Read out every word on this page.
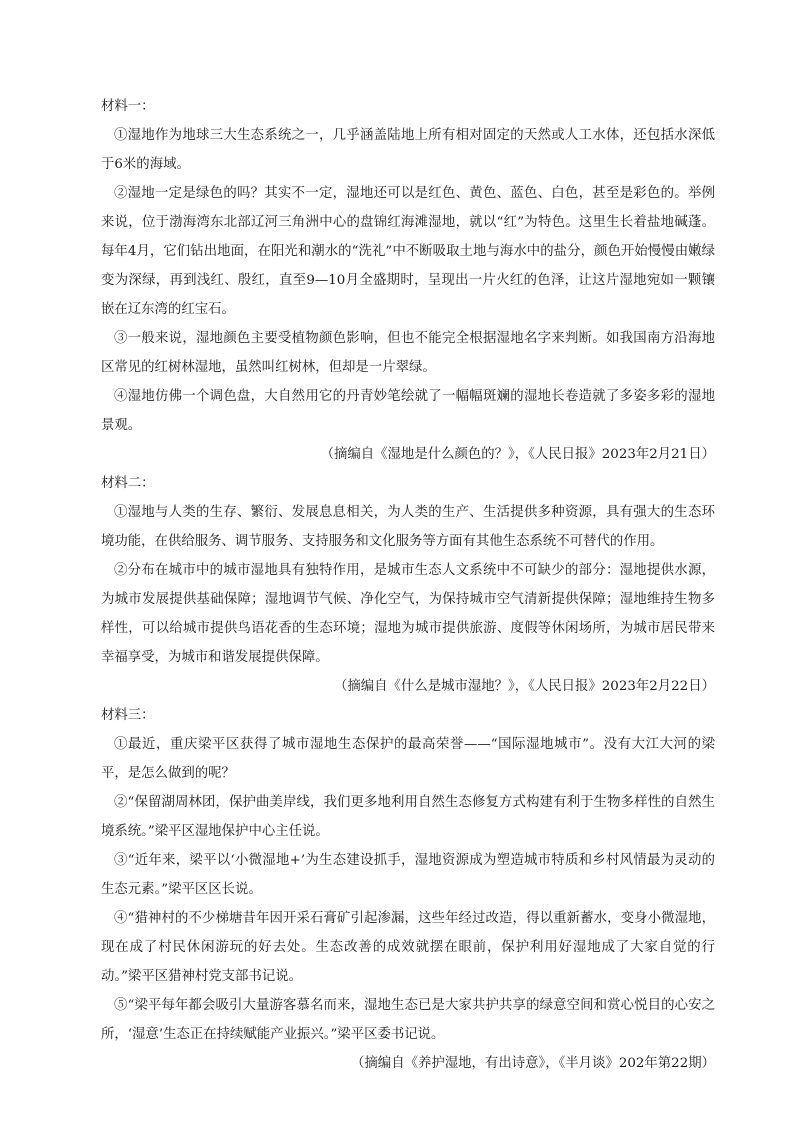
材料一：

①湿地作为地球三大生态系统之一，几乎涵盖陆地上所有相对固定的天然或人工水体，还包括水深低于6米的海域。

②湿地一定是绿色的吗？其实不一定，湿地还可以是红色、黄色、蓝色、白色，甚至是彩色的。举例来说，位于渤海湾东北部辽河三角洲中心的盘锦红海滩湿地，就以“红”为特色。这里生长着盐地碱蓬。每年4月，它们钻出地面，在阳光和潮水的“洗礼”中不断吸取土地与海水中的盐分，颜色开始慢慢由嫩绿变为深绿，再到浅红、殷红，直至9—10月全盛期时，呈现出一片火红的色泽，让这片湿地宛如一颗镶嵌在辽东湾的红宝石。

③一般来说，湿地颜色主要受植物颜色影响，但也不能完全根据湿地名字来判断。如我国南方沿海地区常见的红树林湿地，虽然叫红树林，但却是一片翠绿。

④湿地仿佛一个调色盘，大自然用它的丹青妙笔绘就了一幅幅斑斓的湿地长卷造就了多姿多彩的湿地景观。

（摘编自《湿地是什么颜色的？》，《人民日报》2023年2月21日）

材料二：

①湿地与人类的生存、繁衍、发展息息相关，为人类的生产、生活提供多种资源，具有强大的生态环境功能，在供给服务、调节服务、支持服务和文化服务等方面有其他生态系统不可替代的作用。

②分布在城市中的城市湿地具有独特作用，是城市生态人文系统中不可缺少的部分：湿地提供水源，为城市发展提供基础保障；湿地调节气候、净化空气，为保持城市空气清新提供保障；湿地维持生物多样性，可以给城市提供鸟语花香的生态环境；湿地为城市提供旅游、度假等休闲场所，为城市居民带来幸福享受，为城市和谐发展提供保障。

（摘编自《什么是城市湿地？》，《人民日报》2023年2月22日）

材料三：

①最近，重庆梁平区获得了城市湿地生态保护的最高荣誉——“国际湿地城市”。没有大江大河的梁平，是怎么做到的呢？

②“保留湖周林团，保护曲美岸线，我们更多地利用自然生态修复方式构建有利于生物多样性的自然生境系统。”梁平区湿地保护中心主任说。

③“近年来，梁平以‘小微湿地+’为生态建设抓手，湿地资源成为塑造城市特质和乡村风情最为灵动的生态元素。”梁平区区长说。

④“猎神村的不少梯塘昔年因开采石膏矿引起渗漏，这些年经过改造，得以重新蓄水，变身小微湿地，现在成了村民休闲游玩的好去处。生态改善的成效就摆在眼前，保护利用好湿地成了大家自觉的行动。”梁平区猎神村党支部书记说。

⑤“梁平每年都会吸引大量游客慕名而来，湿地生态已是大家共护共享的绿意空间和赏心悦目的心安之所，‘湿意’生态正在持续赋能产业振兴。”梁平区委书记说。

（摘编自《养护湿地，有出诗意》，《半月谈》202年第22期）
